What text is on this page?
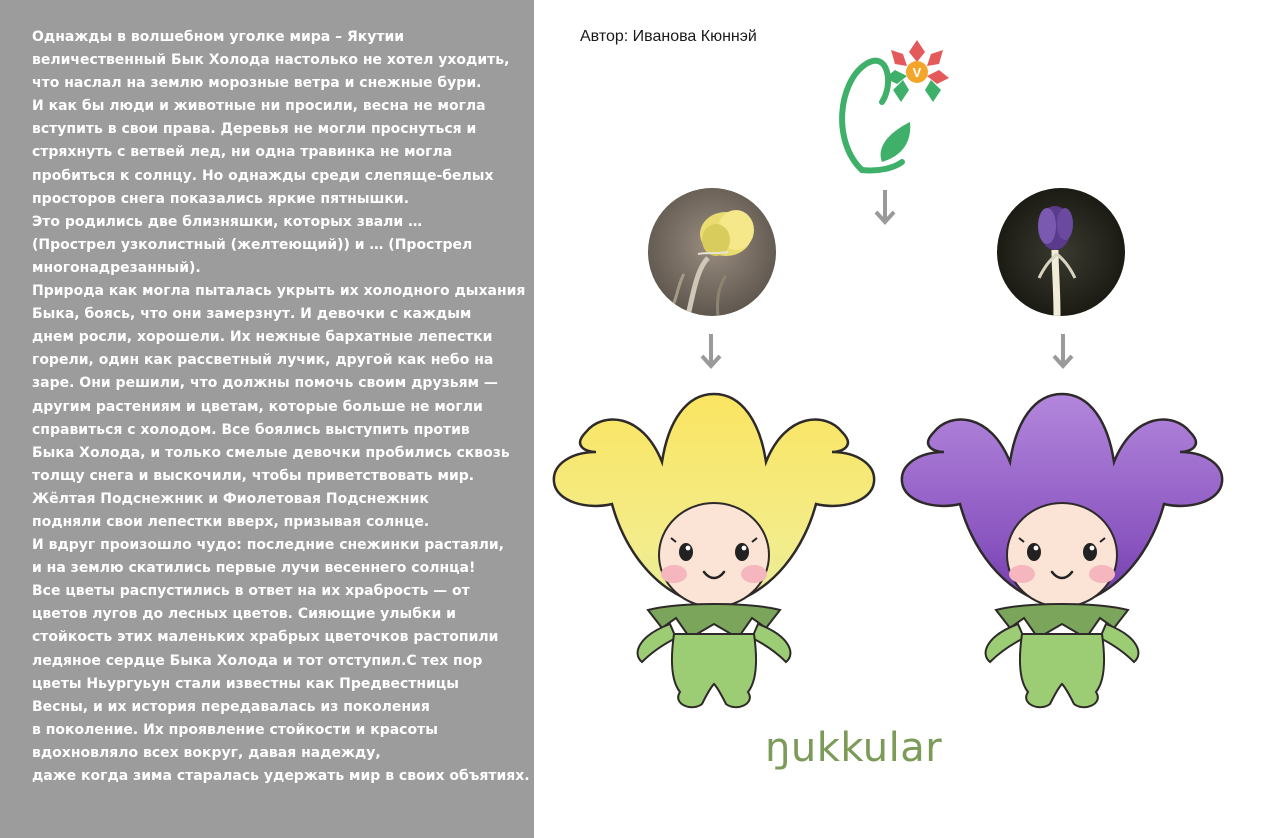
Однажды в волшебном уголке мира – Якутии
величественный Бык Холода настолько не хотел уходить,
что наслал на землю морозные ветра и снежные бури.
И как бы люди и животные ни просили, весна не могла
вступить в свои права. Деревья не могли проснуться и
стряхнуть с ветвей лед, ни одна травинка не могла
пробиться к солнцу. Но однажды среди слепяще-белых
просторов снега показались яркие пятнышки.
Это родились две близняшки, которых звали …
(Прострел узколистный (желтеющий)) и … (Прострел
многонадрезанный).
Природа как могла пыталась укрыть их холодного дыхания
Быка, боясь, что они замерзнут. И девочки с каждым
днем росли, хорошели. Их нежные бархатные лепестки
горели, один как рассветный лучик, другой как небо на
заре. Они решили, что должны помочь своим друзьям —
другим растениям и цветам, которые больше не могли
справиться с холодом. Все боялись выступить против
Быка Холода, и только смелые девочки пробились сквозь
толщу снега и выскочили, чтобы приветствовать мир.
Жёлтая Подснежник и Фиолетовая Подснежник
подняли свои лепестки вверх, призывая солнце.
И вдруг произошло чудо: последние снежинки растаяли,
и на землю скатились первые лучи весеннего солнца!
Все цветы распустились в ответ на их храбрость — от
цветов лугов до лесных цветов. Сияющие улыбки и
стойкость этих маленьких храбрых цветочков растопили
ледяное сердце Быка Холода и тот отступил.С тех пор
цветы Ньургуьун стали известны как Предвестницы
Весны, и их история передавалась из поколения
в поколение. Их проявление стойкости и красоты
вдохновляло всех вокруг, давая надежду,
даже когда зима старалась удержать мир в своих объятиях.
Автор: Иванова Кюннэй
V
ŋukkular
